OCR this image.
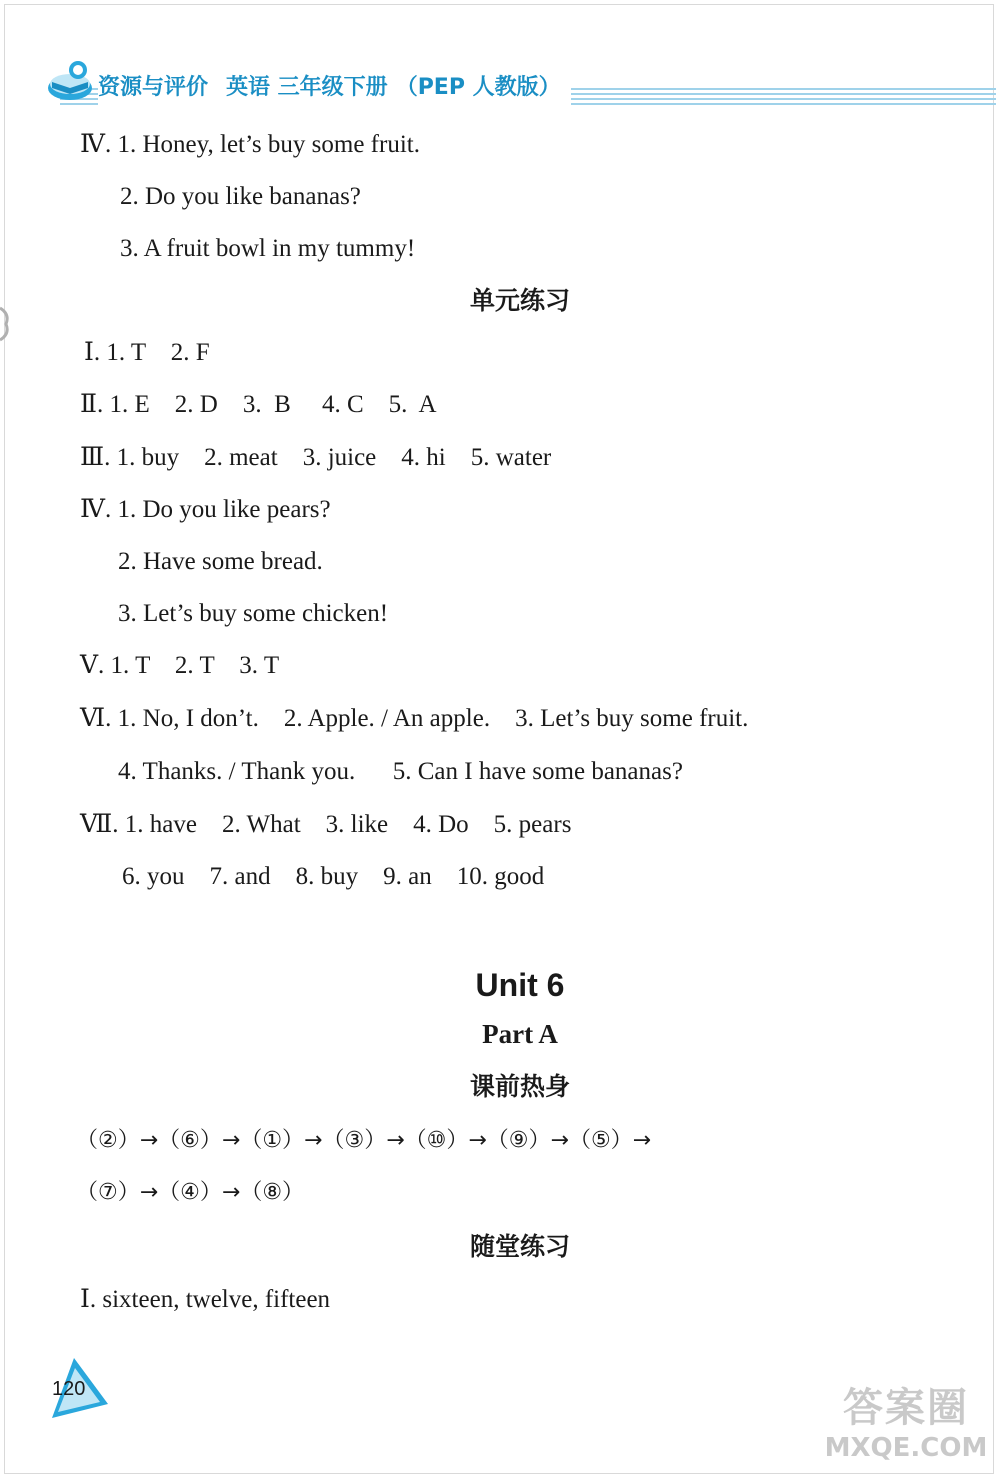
资源与评价 英语 三年级下册 （PEP 人教版）
Ⅳ. 1. Honey, let’s buy some fruit.
2. Do you like bananas?
3. A fruit bowl in my tummy!
单元练习
Ⅰ. 1. T    2. F
Ⅱ. 1. E    2. D    3.  B     4. C    5.  A
Ⅲ. 1. buy    2. meat    3. juice    4. hi    5. water
Ⅳ. 1. Do you like pears?
2. Have some bread.
3. Let’s buy some chicken!
Ⅴ. 1. T    2. T    3. T
Ⅵ. 1. No, I don’t.    2. Apple. / An apple.    3. Let’s buy some fruit.
4. Thanks. / Thank you.      5. Can I have some bananas?
Ⅶ. 1. have    2. What    3. like    4. Do    5. pears
6. you    7. and    8. buy    9. an    10. good
Unit 6
Part A
课前热身
（②）→（⑥）→（①）→（③）→（⑩）→（⑨）→（⑤）→
（⑦）→（④）→（⑧）
随堂练习
Ⅰ. sixteen, twelve, fifteen
120	答案圈
MXQE.COM
